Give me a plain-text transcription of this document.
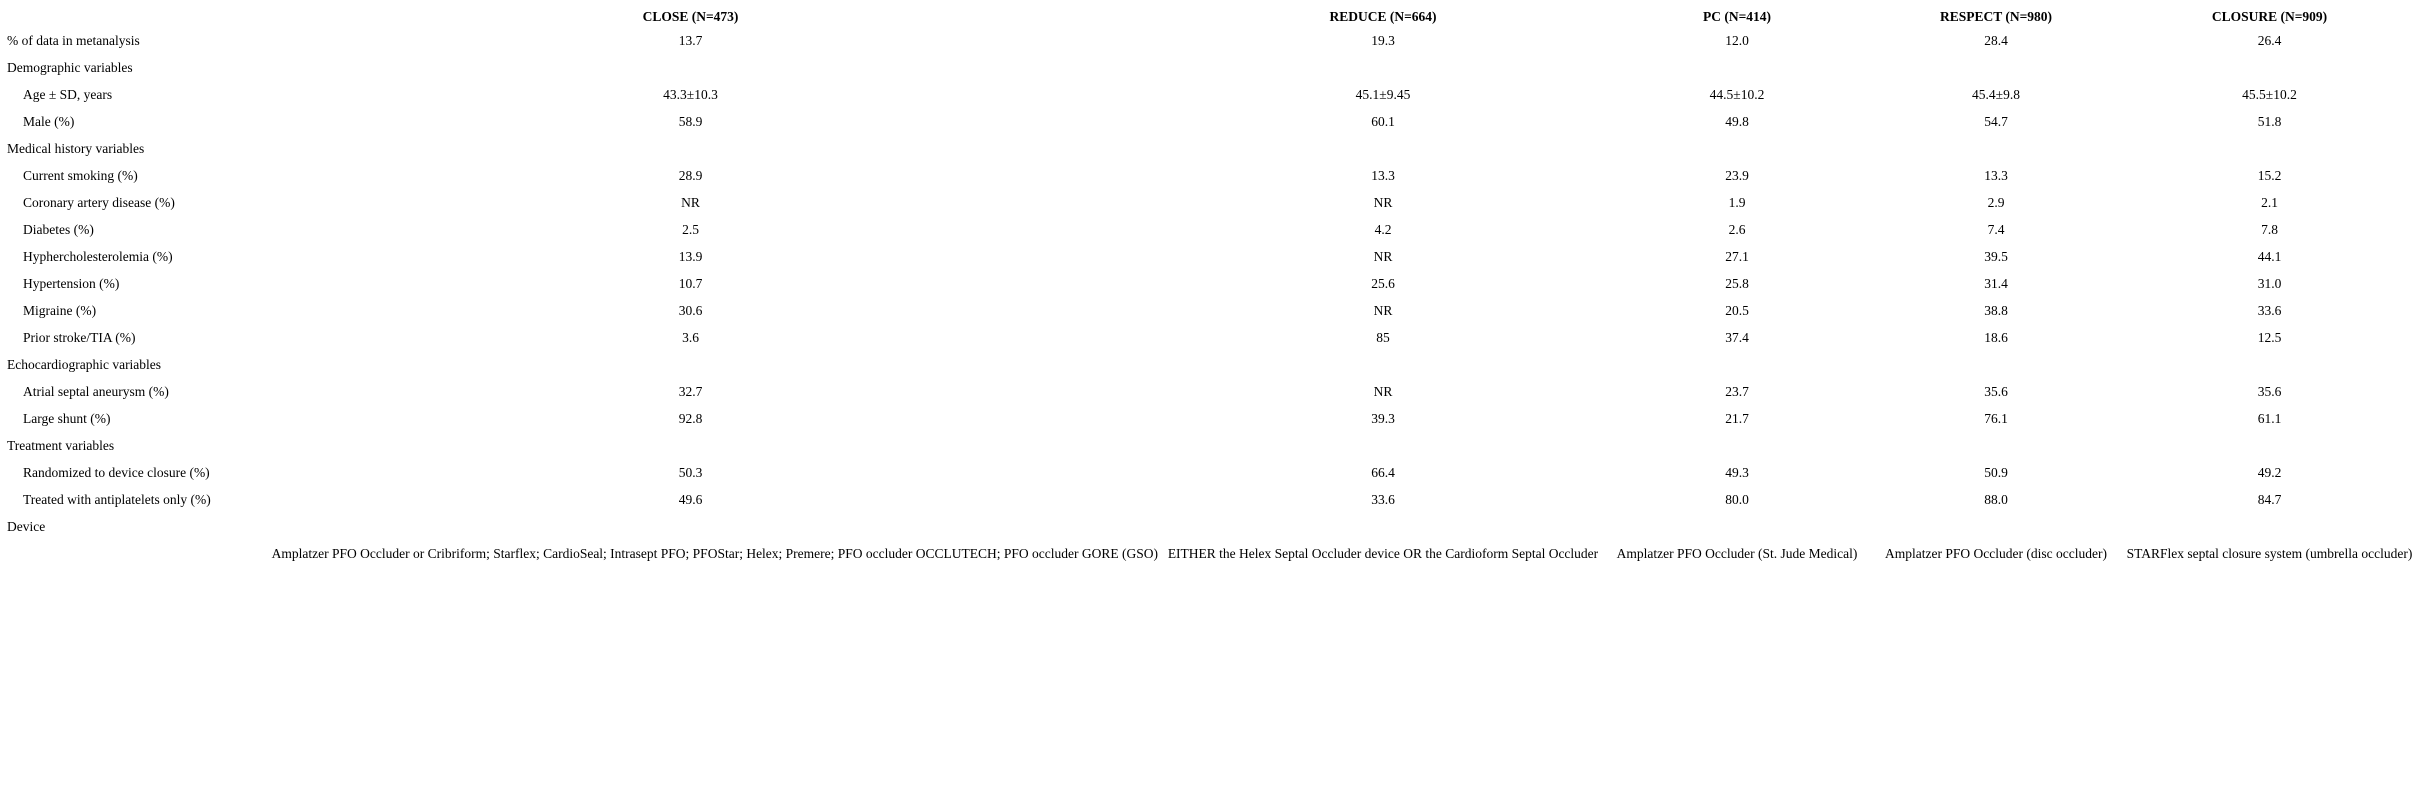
	CLOSE (N=473)	REDUCE (N=664)	PC (N=414)	RESPECT (N=980)	CLOSURE (N=909)
% of data in metanalysis	13.7	19.3	12.0	28.4	26.4
Demographic variables					
Age ± SD, years	43.3±10.3	45.1±9.45	44.5±10.2	45.4±9.8	45.5±10.2
Male (%)	58.9	60.1	49.8	54.7	51.8
Medical history variables					
Current smoking (%)	28.9	13.3	23.9	13.3	15.2
Coronary artery disease (%)	NR	NR	1.9	2.9	2.1
Diabetes (%)	2.5	4.2	2.6	7.4	7.8
Hyphercholesterolemia (%)	13.9	NR	27.1	39.5	44.1
Hypertension (%)	10.7	25.6	25.8	31.4	31.0
Migraine (%)	30.6	NR	20.5	38.8	33.6
Prior stroke/TIA (%)	3.6	85	37.4	18.6	12.5
Echocardiographic variables					
Atrial septal aneurysm (%)	32.7	NR	23.7	35.6	35.6
Large shunt (%)	92.8	39.3	21.7	76.1	61.1
Treatment variables					
Randomized to device closure (%)	50.3	66.4	49.3	50.9	49.2
Treated with antiplatelets only (%)	49.6	33.6	80.0	88.0	84.7
Device					
	Amplatzer PFO Occluder or Cribriform; Starflex; CardioSeal; Intrasept PFO; PFOStar; Helex; Premere; PFO occluder OCCLUTECH; PFO occluder GORE (GSO)	EITHER the Helex Septal Occluder device OR the Cardioform Septal Occluder	Amplatzer PFO Occluder (St. Jude Medical)	Amplatzer PFO Occluder (disc occluder)	STARFlex septal closure system (umbrella occluder)
